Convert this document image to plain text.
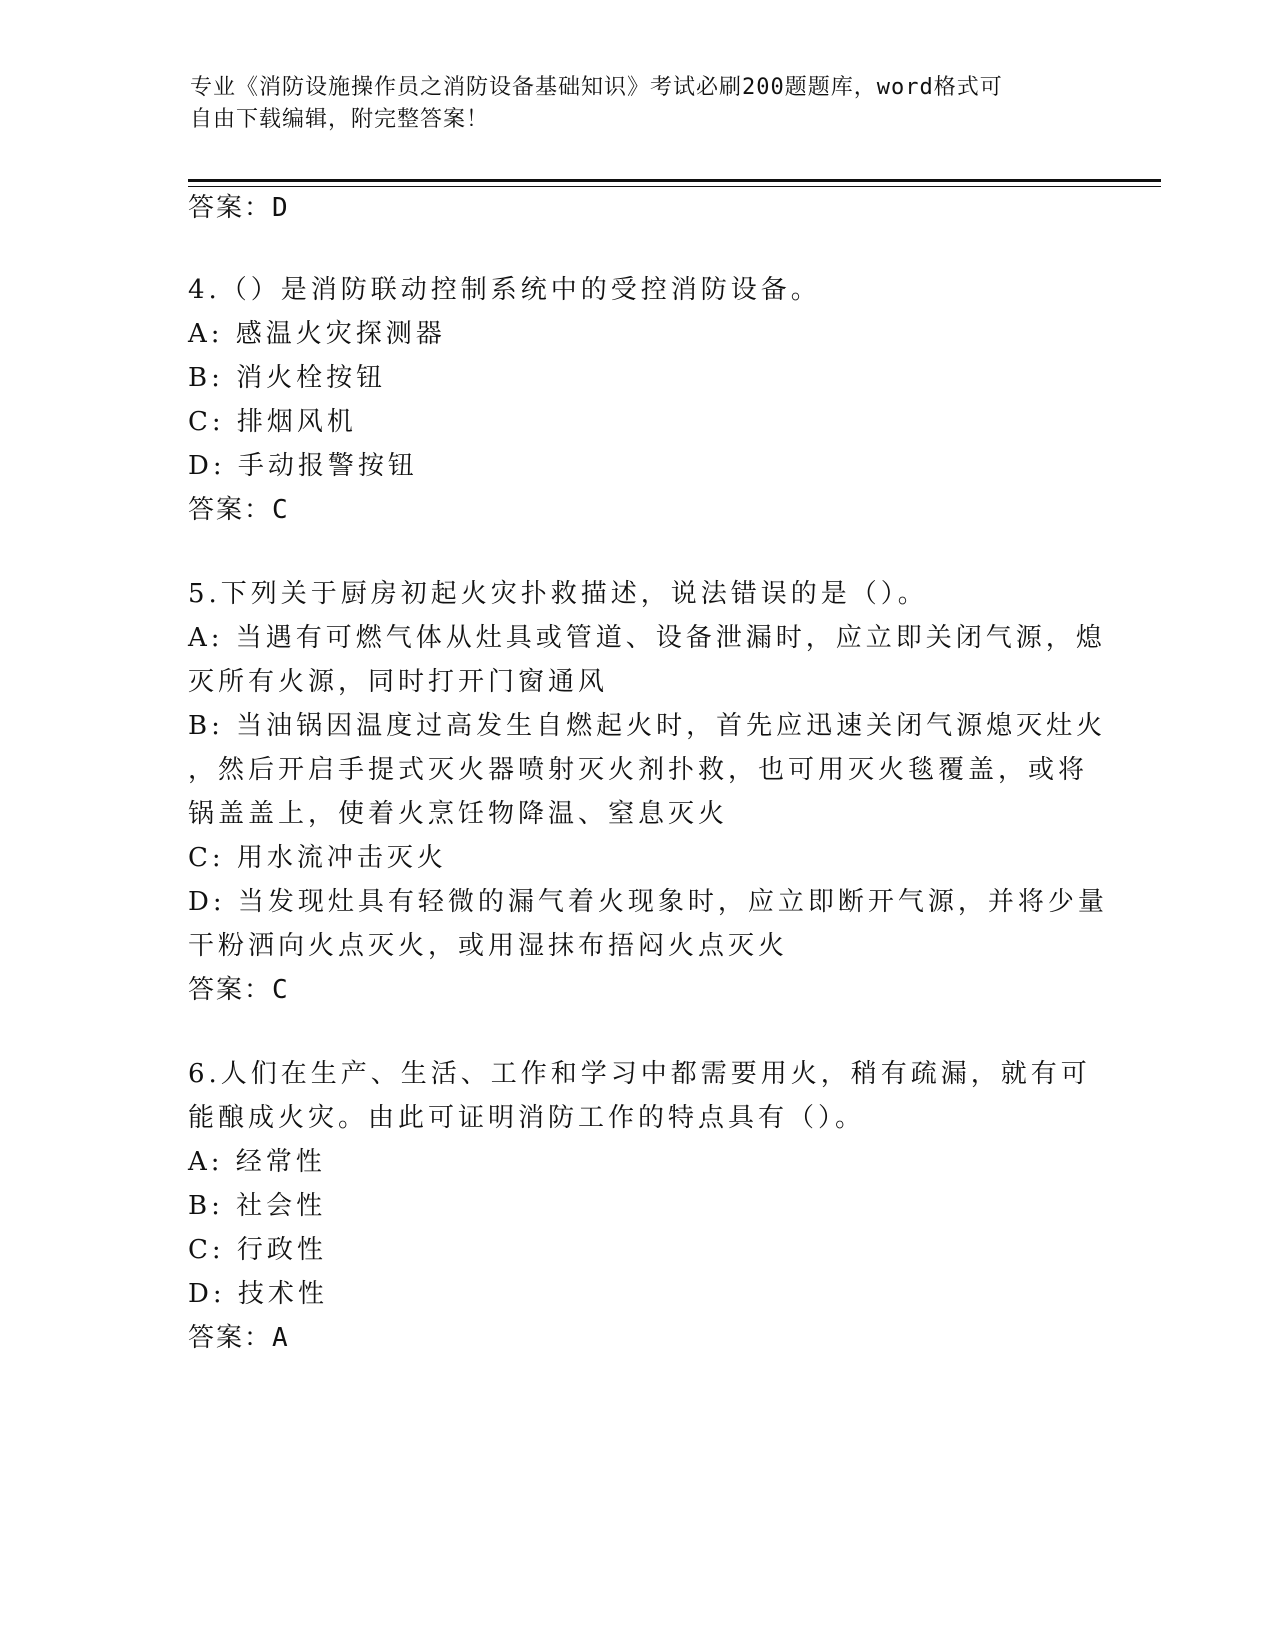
专业《消防设施操作员之消防设备基础知识》考试必刷200题题库，word格式可
自由下载编辑，附完整答案！
答案：D
4.（）是消防联动控制系统中的受控消防设备。
A: 感温火灾探测器
B: 消火栓按钮
C: 排烟风机
D: 手动报警按钮
答案：C
5.下列关于厨房初起火灾扑救描述，说法错误的是（）。
A: 当遇有可燃气体从灶具或管道、设备泄漏时，应立即关闭气源，熄
灭所有火源，同时打开门窗通风
B: 当油锅因温度过高发生自燃起火时，首先应迅速关闭气源熄灭灶火
，然后开启手提式灭火器喷射灭火剂扑救，也可用灭火毯覆盖，或将
锅盖盖上，使着火烹饪物降温、窒息灭火
C: 用水流冲击灭火
D: 当发现灶具有轻微的漏气着火现象时，应立即断开气源，并将少量
干粉洒向火点灭火，或用湿抹布捂闷火点灭火
答案：C
6.人们在生产、生活、工作和学习中都需要用火，稍有疏漏，就有可
能酿成火灾。由此可证明消防工作的特点具有（）。
A: 经常性
B: 社会性
C: 行政性
D: 技术性
答案：A
